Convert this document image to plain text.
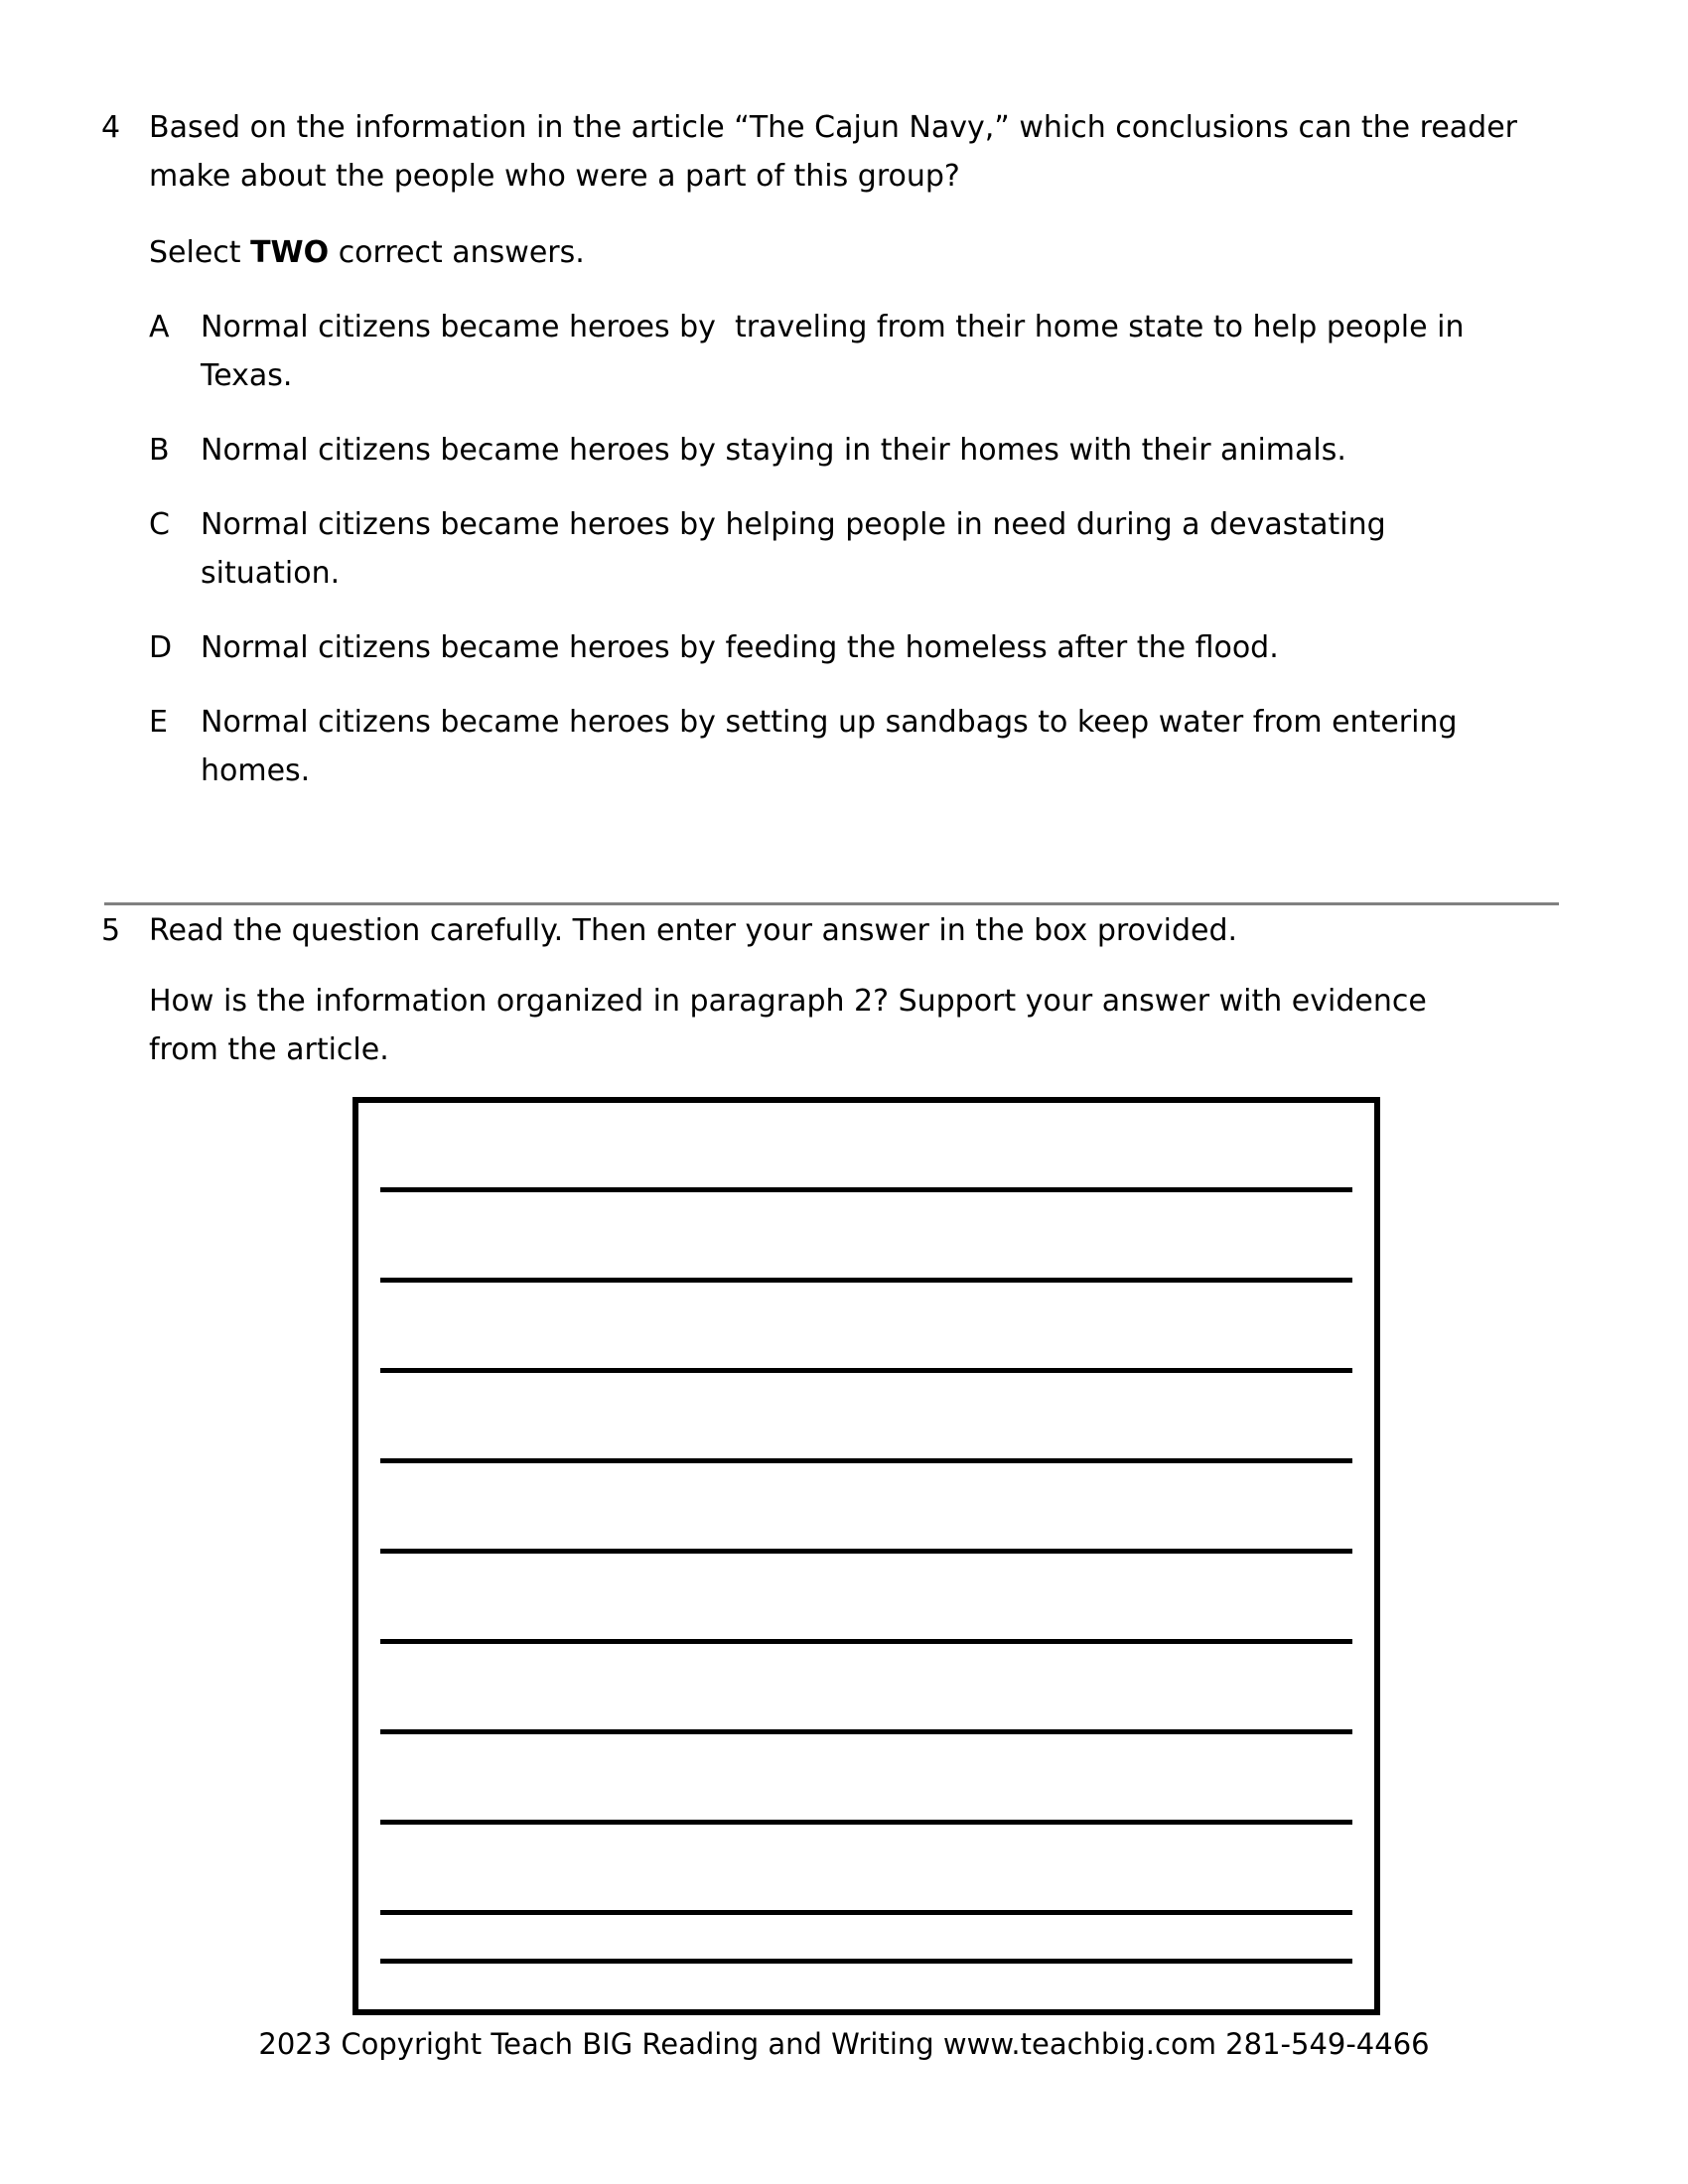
4 Based on the information in the article “The Cajun Navy,” which conclusions can the reader make about the people who were a part of this group?
Select TWO correct answers.
A	Normal citizens became heroes by  traveling from their home state to help people in Texas.
B	Normal citizens became heroes by staying in their homes with their animals.
C	Normal citizens became heroes by helping people in need during a devastating situation.
D Normal citizens became heroes by feeding the homeless after the flood.
E	Normal citizens became heroes by setting up sandbags to keep water from entering homes.
5 Read the question carefully. Then enter your answer in the box provided.
How is the information organized in paragraph 2? Support your answer with evidence from the article.
2023 Copyright Teach BIG Reading and Writing www.teachbig.com 281-549-4466
